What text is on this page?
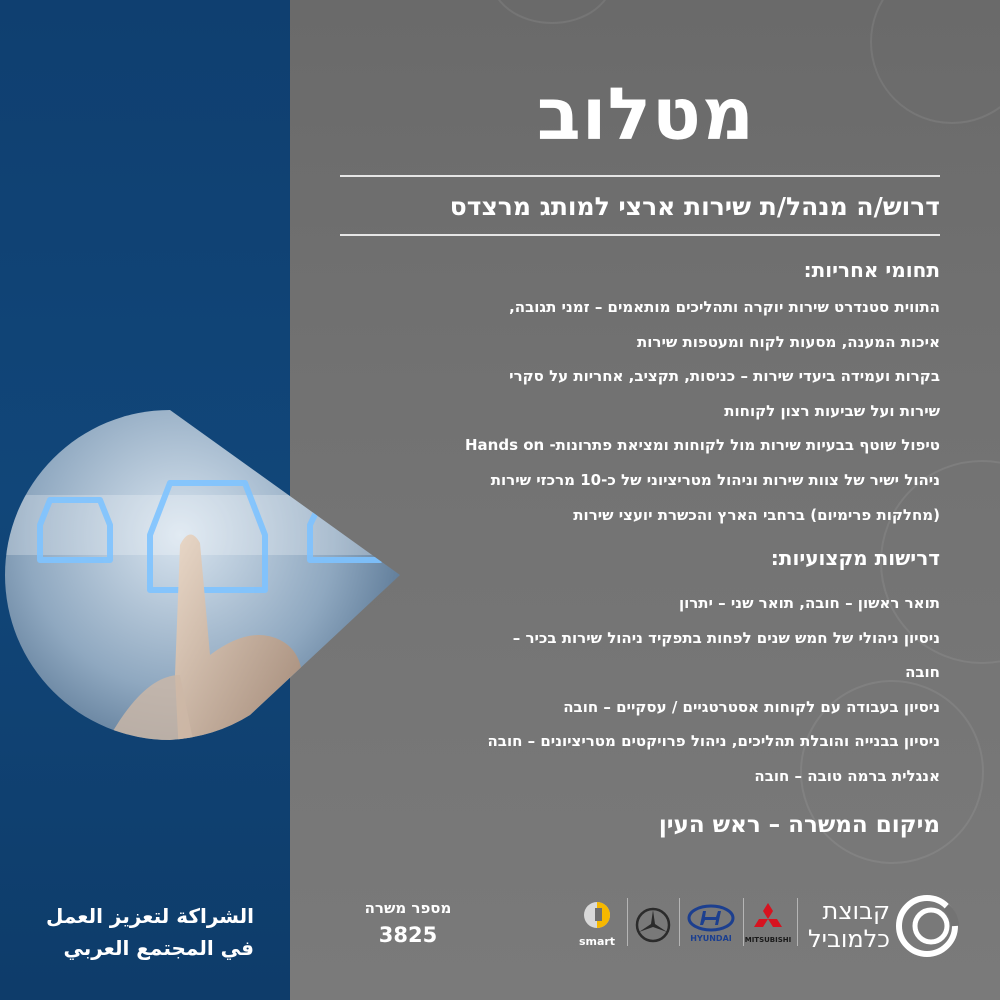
מטלוב
דרוש/ה מנהל/ת שירות ארצי למותג מרצדס
תחומי אחריות:
התווית סטנדרט שירות יוקרה ותהליכים מותאמים – זמני תגובה,
איכות המענה, מסעות לקוח ומעטפות שירות
בקרות ועמידה ביעדי שירות – כניסות, תקציב, אחריות על סקרי
שירות ועל שביעות רצון לקוחות
טיפול שוטף בבעיות שירות מול לקוחות ומציאת פתרונות- Hands on
ניהול ישיר של צוות שירות וניהול מטריציוני של כ-10 מרכזי שירות
(מחלקות פרימיום) ברחבי הארץ והכשרת יועצי שירות
דרישות מקצועיות:
תואר ראשון – חובה, תואר שני – יתרון
ניסיון ניהולי של חמש שנים לפחות בתפקיד ניהול שירות בכיר –
חובה
ניסיון בעבודה עם לקוחות אסטרטגיים / עסקיים – חובה
ניסיון בבנייה והובלת תהליכים, ניהול פרויקטים מטריציונים – חובה
אנגלית ברמה טובה – חובה
מיקום המשרה – ראש העין
الشراكة لتعزيز العمل
في المجتمع العربي
מספר משרה
3825	smart	HYUNDAI	MITSUBISHI
קבוצת
כלמוביל
